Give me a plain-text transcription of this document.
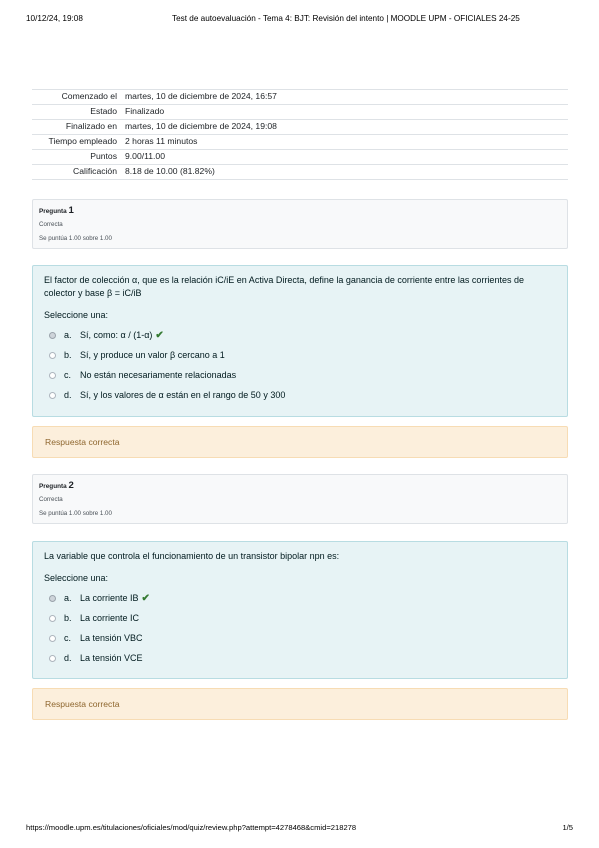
10/12/24, 19:08	Test de autoevaluación - Tema 4: BJT: Revisión del intento | MOODLE UPM - OFICIALES 24-25
Comenzado el	martes, 10 de diciembre de 2024, 16:57
Estado	Finalizado
Finalizado en	martes, 10 de diciembre de 2024, 19:08
Tiempo empleado	2 horas 11 minutos
Puntos	9.00/11.00
Calificación	8.18 de 10.00 (81.82%)
Pregunta 1
Correcta
Se puntúa 1.00 sobre 1.00
El factor de colección α, que es la relación iC/iE en Activa Directa, define la ganancia de corriente entre las corrientes de colector y base β = iC/iB
Seleccione una:
a. Sí, como: α / (1-α) ✔
b. Sí, y produce un valor β cercano a 1
c. No están necesariamente relacionadas
d. Sí, y los valores de α están en el rango de 50 y 300
Respuesta correcta
Pregunta 2
Correcta
Se puntúa 1.00 sobre 1.00
La variable que controla el funcionamiento de un transistor bipolar npn es:
Seleccione una:
a. La corriente IB ✔
b. La corriente IC
c. La tensión VBC
d. La tensión VCE
Respuesta correcta
https://moodle.upm.es/titulaciones/oficiales/mod/quiz/review.php?attempt=4278468&cmid=218278	1/5
